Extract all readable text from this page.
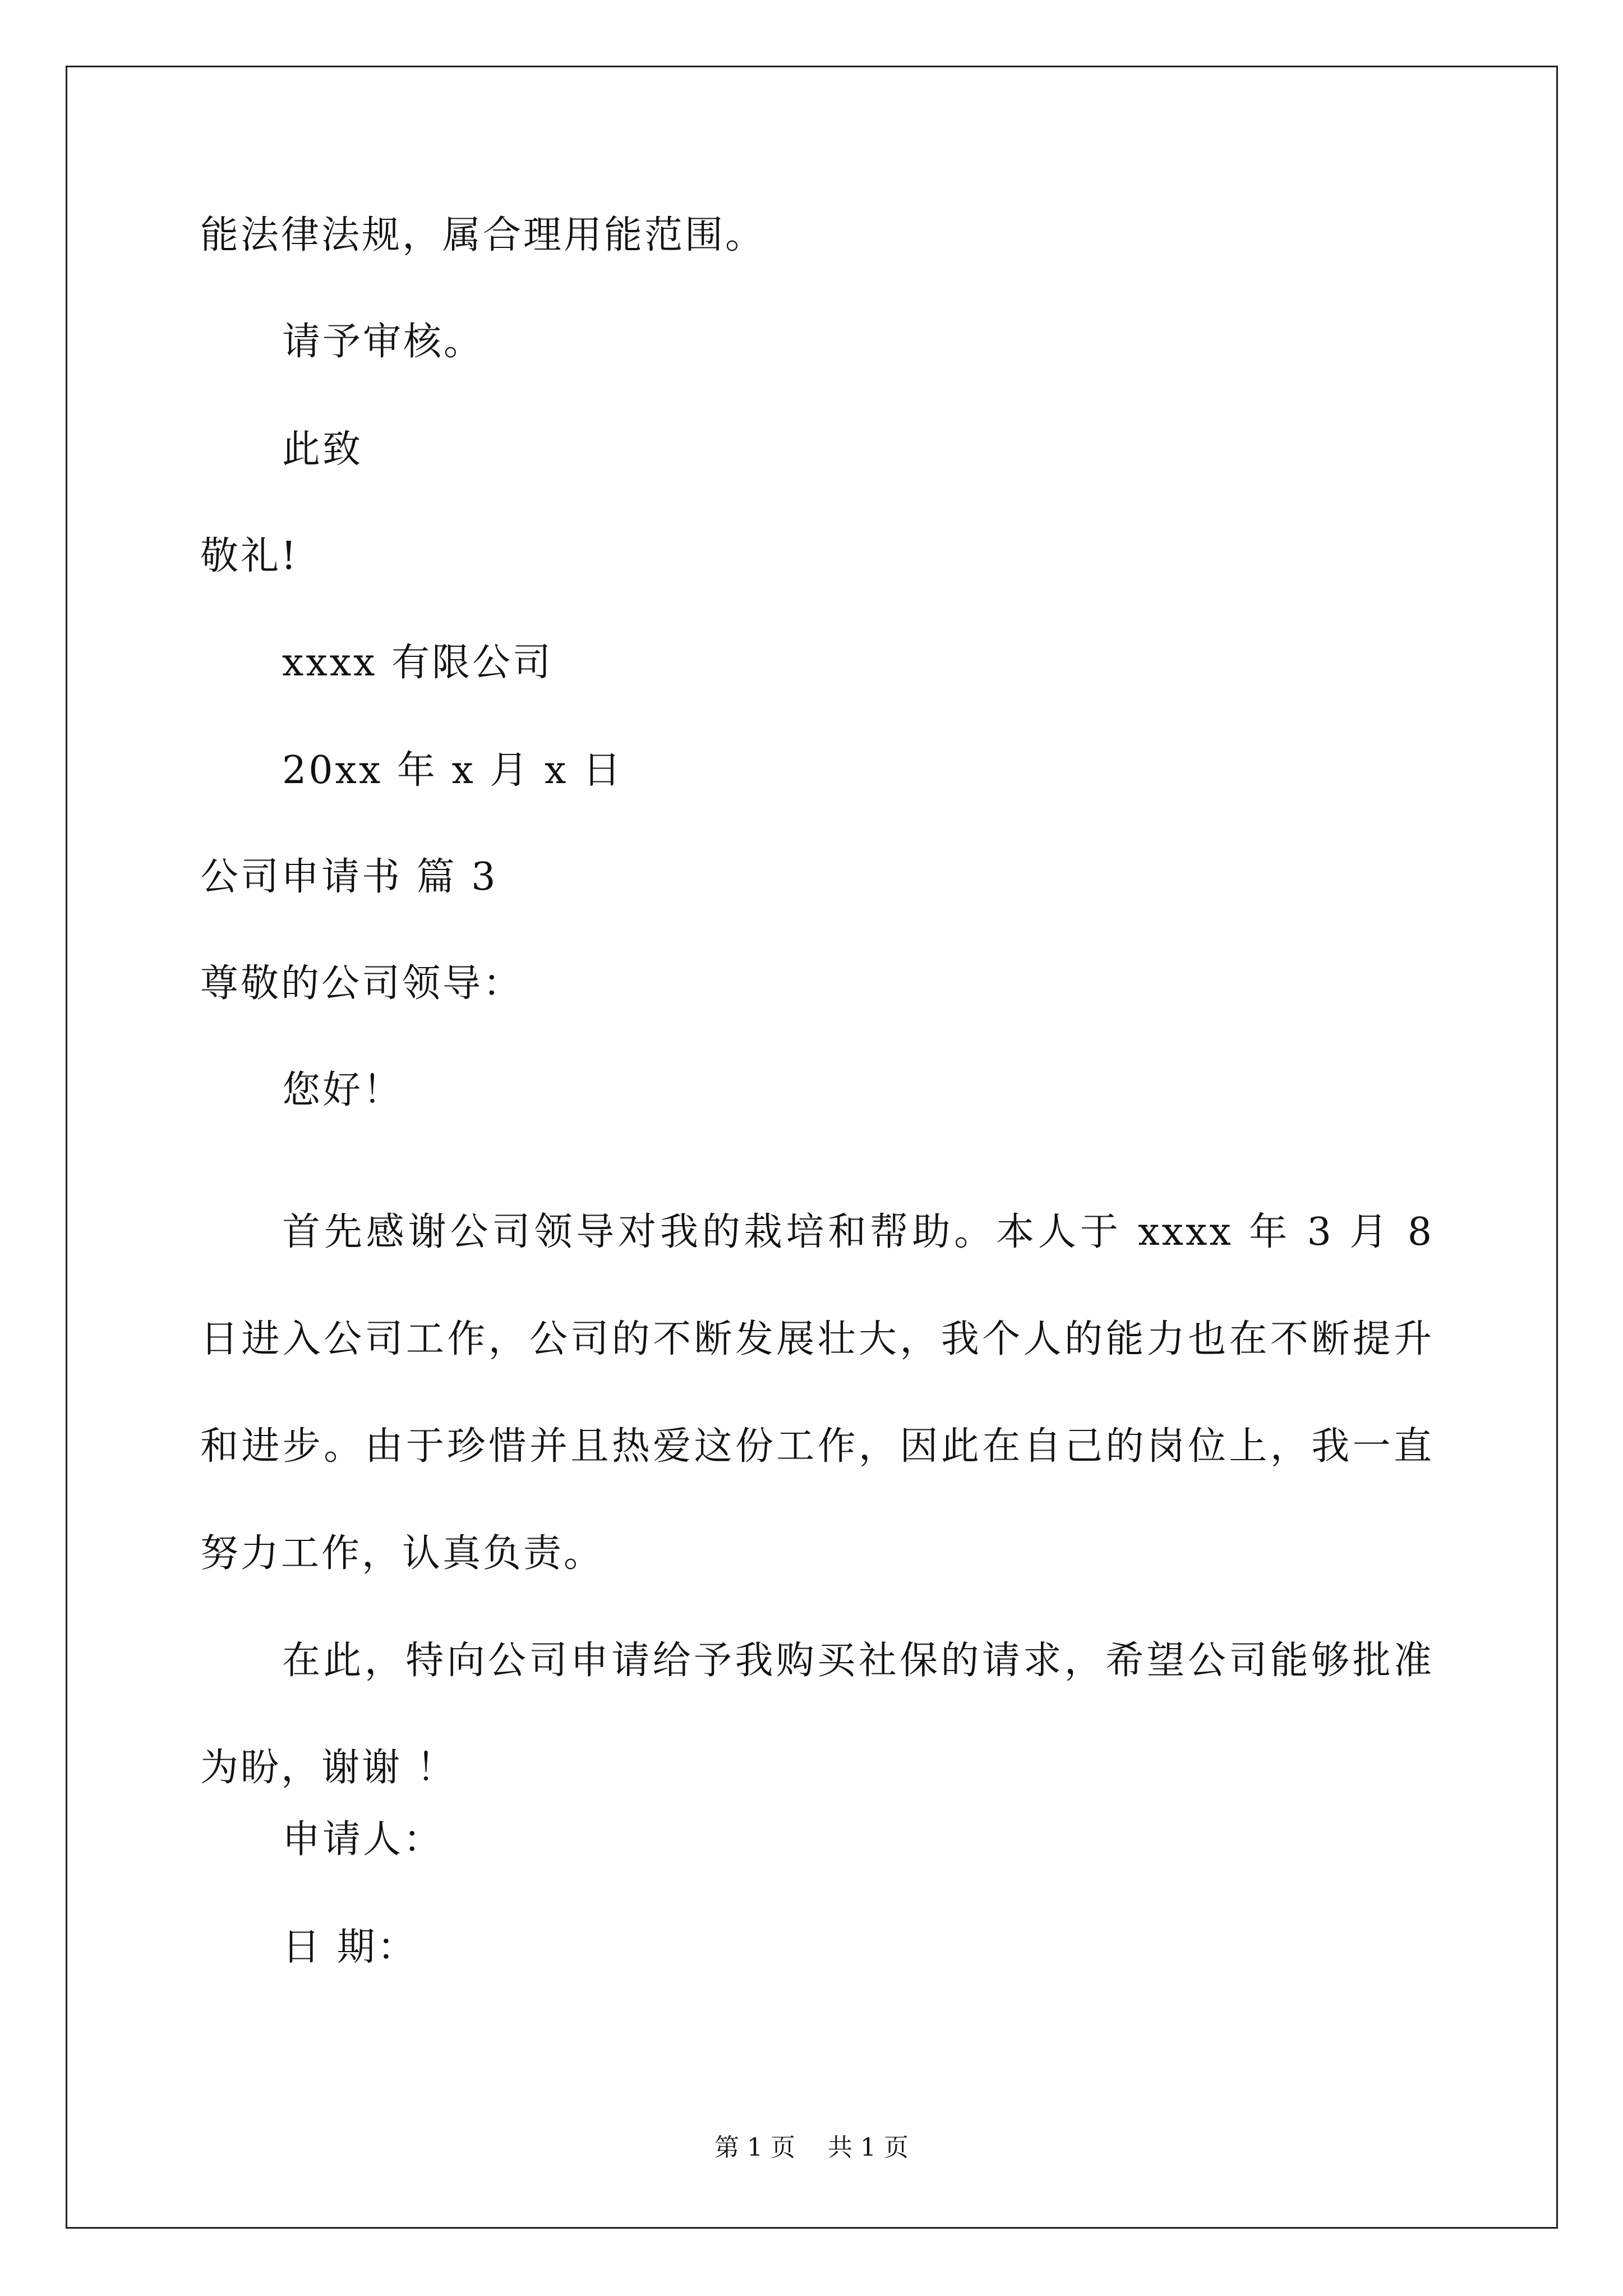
能法律法规，属合理用能范围。
请予审核。
此致
敬礼!
xxxx 有限公司
20xx 年 x 月 x 日
公司申请书 篇 3
尊敬的公司领导：
您好！
首先感谢公司领导对我的栽培和帮助。本人于 xxxx 年 3 月 8 日进入公司工作，公司的不断发展壮大，我个人的能力也在不断提升和进步。由于珍惜并且热爱这份工作，因此在自己的岗位上，我一直努力工作，认真负责。
在此，特向公司申请给予我购买社保的请求，希望公司能够批准为盼，谢谢 ！
申请人：
日 期：
第 1 页 共 1 页
